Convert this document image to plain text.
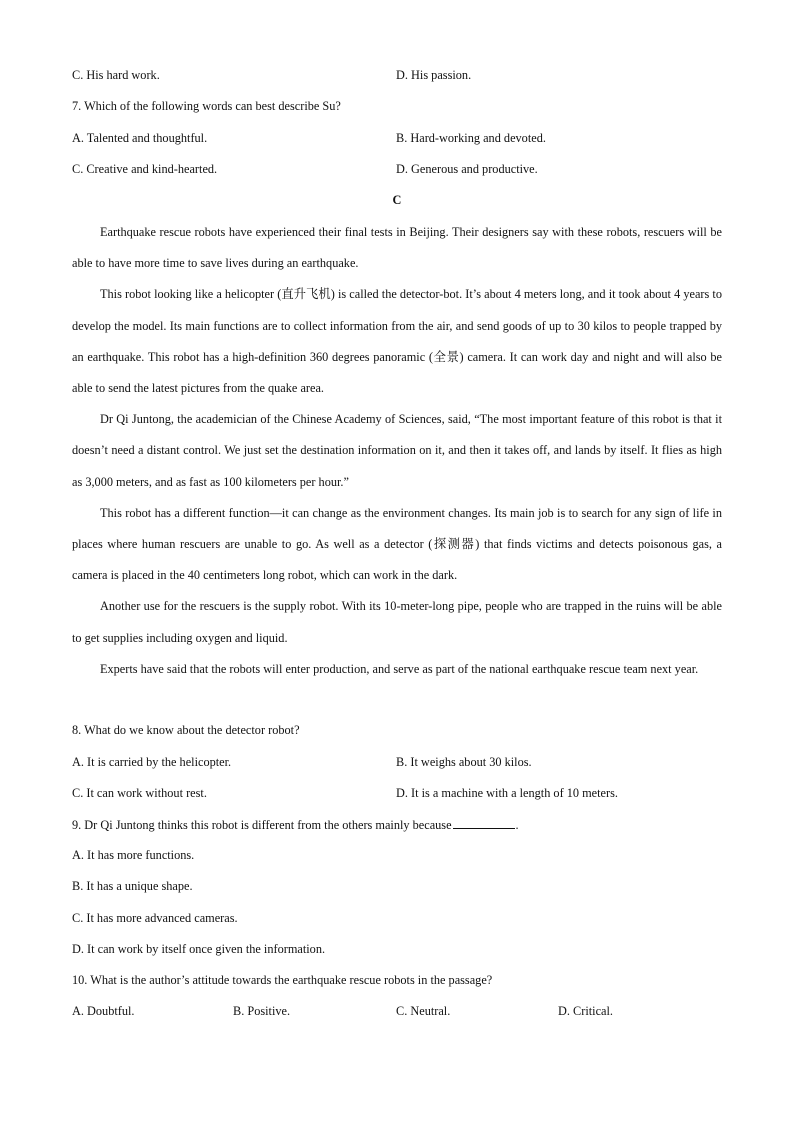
C. His hard work.	D. His passion.
7. Which of the following words can best describe Su?
A. Talented and thoughtful.	B. Hard-working and devoted.
C. Creative and kind-hearted.	D. Generous and productive.
C

Earthquake rescue robots have experienced their final tests in Beijing. Their designers say with these robots, rescuers will be able to have more time to save lives during an earthquake.

This robot looking like a helicopter (直升飞机) is called the detector-bot. It’s about 4 meters long, and it took about 4 years to develop the model. Its main functions are to collect information from the air, and send goods of up to 30 kilos to people trapped by an earthquake. This robot has a high-definition 360 degrees panoramic (全景) camera. It can work day and night and will also be able to send the latest pictures from the quake area.

Dr Qi Juntong, the academician of the Chinese Academy of Sciences, said, “The most important feature of this robot is that it doesn’t need a distant control. We just set the destination information on it, and then it takes off, and lands by itself. It flies as high as 3,000 meters, and as fast as 100 kilometers per hour.”

This robot has a different function—it can change as the environment changes. Its main job is to search for any sign of life in places where human rescuers are unable to go. As well as a detector (探测器) that finds victims and detects poisonous gas, a camera is placed in the 40 centimeters long robot, which can work in the dark.

Another use for the rescuers is the supply robot. With its 10-meter-long pipe, people who are trapped in the ruins will be able to get supplies including oxygen and liquid.

Experts have said that the robots will enter production, and serve as part of the national earthquake rescue team next year.

8. What do we know about the detector robot?
A. It is carried by the helicopter.	B. It weighs about 30 kilos.
C. It can work without rest.	D. It is a machine with a length of 10 meters.
9. Dr Qi Juntong thinks this robot is different from the others mainly because	.
A. It has more functions.
B. It has a unique shape.
C. It has more advanced cameras.
D. It can work by itself once given the information.
10. What is the author’s attitude towards the earthquake rescue robots in the passage?
A. Doubtful.	B. Positive.	C. Neutral.	D. Critical.
